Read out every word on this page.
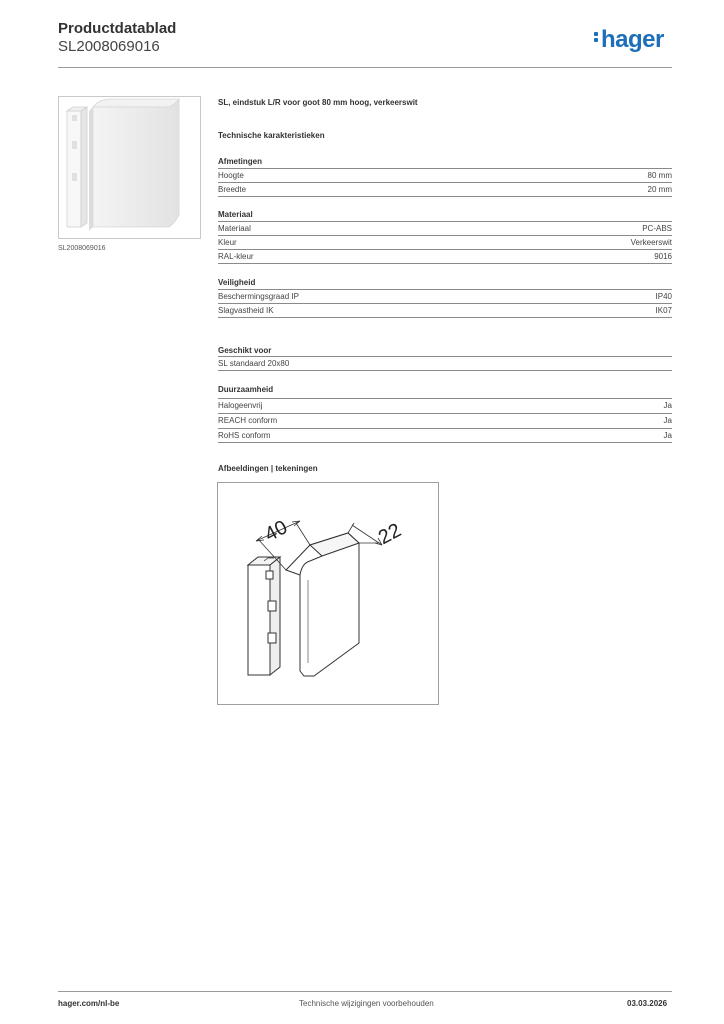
Productdatablad
SL2008069016	hager
SL2008069016
SL, eindstuk L/R voor goot 80 mm hoog, verkeerswit
Technische karakteristieken
Afmetingen
Hoogte	80 mm
Breedte	20 mm
Materiaal
Materiaal	PC-ABS
Kleur	Verkeerswit
RAL-kleur	9016
Veiligheid
Beschermingsgraad IP	IP40
Slagvastheid IK	IK07
Geschikt voor
SL standaard 20x80
Duurzaamheid
Halogeenvrij	Ja
REACH conform	Ja
RoHS conform	Ja
Afbeeldingen | tekeningen
40	22
hager.com/nl-be	Technische wijzigingen voorbehouden	03.03.2026
